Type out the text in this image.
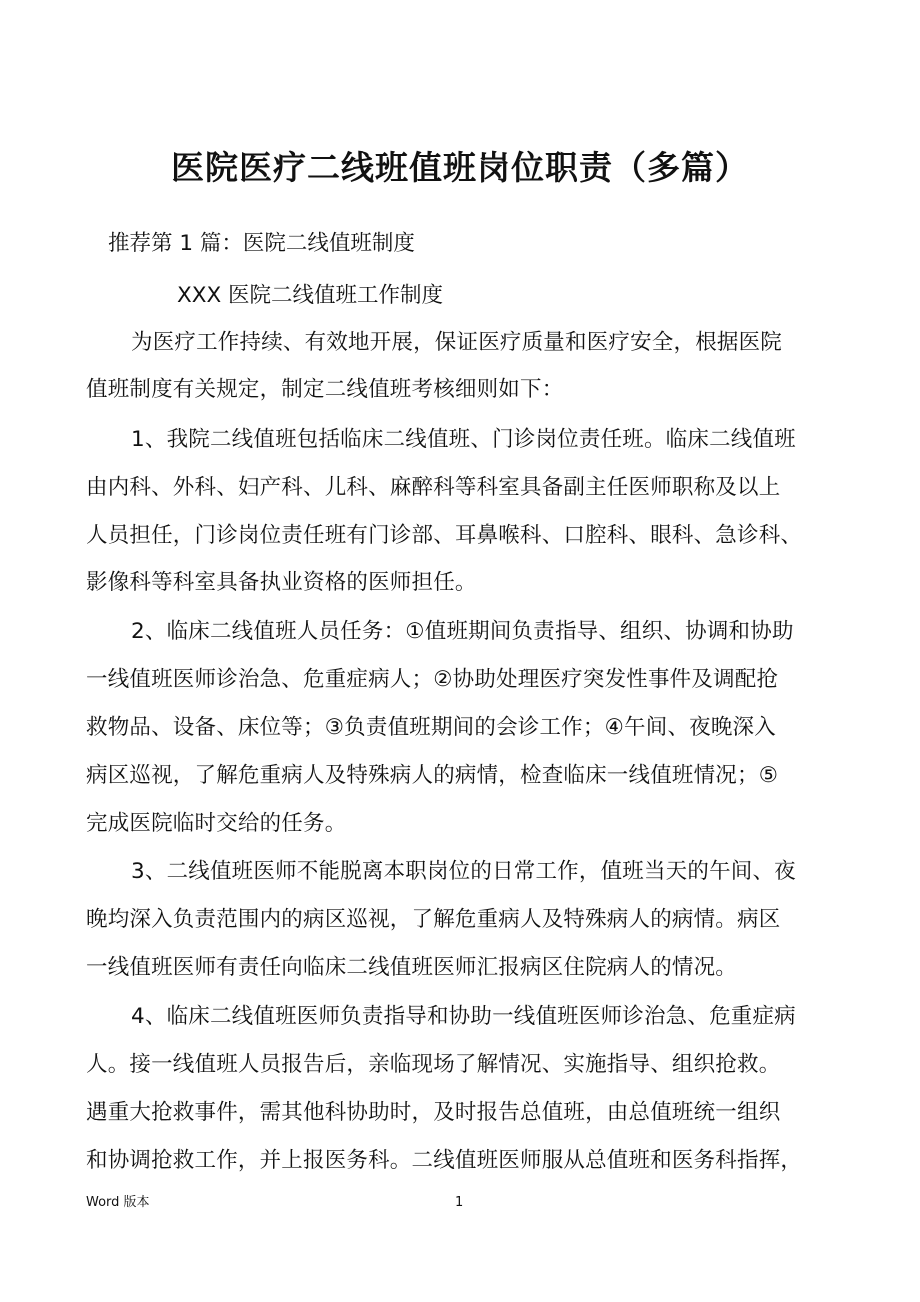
医院医疗二线班值班岗位职责（多篇）
推荐第 1 篇：医院二线值班制度
XXX 医院二线值班工作制度
为医疗工作持续、有效地开展，保证医疗质量和医疗安全，根据医院
值班制度有关规定，制定二线值班考核细则如下：
1、我院二线值班包括临床二线值班、门诊岗位责任班。临床二线值班
由内科、外科、妇产科、儿科、麻醉科等科室具备副主任医师职称及以上
人员担任，门诊岗位责任班有门诊部、耳鼻喉科、口腔科、眼科、急诊科、
影像科等科室具备执业资格的医师担任。
2、临床二线值班人员任务：①值班期间负责指导、组织、协调和协助
一线值班医师诊治急、危重症病人；②协助处理医疗突发性事件及调配抢
救物品、设备、床位等；③负责值班期间的会诊工作；④午间、夜晚深入
病区巡视，了解危重病人及特殊病人的病情，检查临床一线值班情况；⑤
完成医院临时交给的任务。
3、二线值班医师不能脱离本职岗位的日常工作，值班当天的午间、夜
晚均深入负责范围内的病区巡视，了解危重病人及特殊病人的病情。病区
一线值班医师有责任向临床二线值班医师汇报病区住院病人的情况。
4、临床二线值班医师负责指导和协助一线值班医师诊治急、危重症病
人。接一线值班人员报告后，亲临现场了解情况、实施指导、组织抢救。
遇重大抢救事件，需其他科协助时，及时报告总值班，由总值班统一组织
和协调抢救工作，并上报医务科。二线值班医师服从总值班和医务科指挥，
Word 版本	1
